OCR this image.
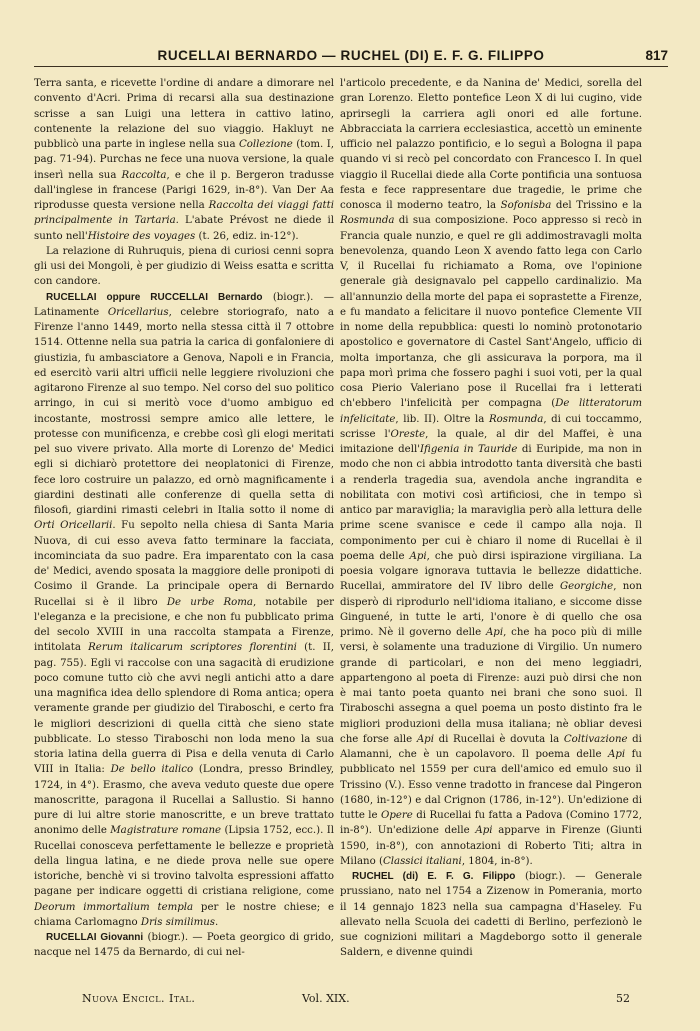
RUCELLAI BERNARDO — RUCHEL (DI) E. F. G. FILIPPO	817

Terra santa, e ricevette l'ordine di andare a dimorare nel convento d'Acri. Prima di recarsi alla sua destinazione scrisse a san Luigi una lettera in cattivo latino, contenente la relazione del suo viaggio. Hakluyt ne pubblicò una parte in inglese nella sua Collezione (tom. I, pag. 71-94). Purchas ne fece una nuova versione, la quale inserì nella sua Raccolta, e che il p. Bergeron tradusse dall'inglese in francese (Parigi 1629, in-8°). Van Der Aa riprodusse questa versione nella Raccolta dei viaggi fatti principalmente in Tartaria. L'abate Prévost ne diede il sunto nell'Histoire des voyages (t. 26, ediz. in-12°).

La relazione di Ruhruquis, piena di curiosi cenni sopra gli usi dei Mongoli, è per giudizio di Weiss esatta e scritta con candore.

RUCELLAI oppure RUCCELLAI Bernardo (biogr.). — Latinamente Oricellarius, celebre storiografo, nato a Firenze l'anno 1449, morto nella stessa città il 7 ottobre 1514. Ottenne nella sua patria la carica di gonfaloniere di giustizia, fu ambasciatore a Genova, Napoli e in Francia, ed esercitò varii altri ufficii nelle leggiere rivoluzioni che agitarono Firenze al suo tempo. Nel corso del suo politico arringo, in cui si meritò voce d'uomo ambiguo ed incostante, mostrossi sempre amico alle lettere, le protesse con munificenza, e crebbe così gli elogi meritati pel suo vivere privato. Alla morte di Lorenzo de' Medici egli si dichiarò protettore dei neoplatonici di Firenze, fece loro costruire un palazzo, ed ornò magnificamente i giardini destinati alle conferenze di quella setta di filosofi, giardini rimasti celebri in Italia sotto il nome di Orti Oricellarii. Fu sepolto nella chiesa di Santa Maria Nuova, di cui esso aveva fatto terminare la facciata, incominciata da suo padre. Era imparentato con la casa de' Medici, avendo sposata la maggiore delle pronipoti di Cosimo il Grande. La principale opera di Bernardo Rucellai si è il libro De urbe Roma, notabile per l'eleganza e la precisione, e che non fu pubblicato prima del secolo XVIII in una raccolta stampata a Firenze, intitolata Rerum italicarum scriptores florentini (t. II, pag. 755). Egli vi raccolse con una sagacità di erudizione poco comune tutto ciò che avvi negli antichi atto a dare una magnifica idea dello splendore di Roma antica; opera veramente grande per giudizio del Tiraboschi, e certo fra le migliori descrizioni di quella città che sieno state pubblicate. Lo stesso Tiraboschi non loda meno la sua storia latina della guerra di Pisa e della venuta di Carlo VIII in Italia: De bello italico (Londra, presso Brindley, 1724, in 4°). Erasmo, che aveva veduto queste due opere manoscritte, paragona il Rucellai a Sallustio. Si hanno pure di lui altre storie manoscritte, e un breve trattato anonimo delle Magistrature romane (Lipsia 1752, ecc.). Il Rucellai conosceva perfettamente le bellezze e proprietà della lingua latina, e ne diede prova nelle sue opere istoriche, benchè vi si trovino talvolta espressioni affatto pagane per indicare oggetti di cristiana religione, come Deorum immortalium templa per le nostre chiese; e chiama Carlomagno Dris similimus.

RUCELLAI Giovanni (biogr.). — Poeta georgico di grido, nacque nel 1475 da Bernardo, di cui nel-

l'articolo precedente, e da Nanina de' Medici, sorella del gran Lorenzo. Eletto pontefice Leon X di lui cugino, vide aprirsegli la carriera agli onori ed alle fortune. Abbracciata la carriera ecclesiastica, accettò un eminente ufficio nel palazzo pontificio, e lo seguì a Bologna il papa quando vi si recò pel concordato con Francesco I. In quel viaggio il Rucellai diede alla Corte pontificia una sontuosa festa e fece rappresentare due tragedie, le prime che conosca il moderno teatro, la Sofonisba del Trissino e la Rosmunda di sua composizione. Poco appresso si recò in Francia quale nunzio, e quel re gli addimostravagli molta benevolenza, quando Leon X avendo fatto lega con Carlo V, il Rucellai fu richiamato a Roma, ove l'opinione generale già designavalo pel cappello cardinalizio. Ma all'annunzio della morte del papa ei soprastette a Firenze, e fu mandato a felicitare il nuovo pontefice Clemente VII in nome della repubblica: questi lo nominò protonotario apostolico e governatore di Castel Sant'Angelo, ufficio di molta importanza, che gli assicurava la porpora, ma il papa morì prima che fossero paghi i suoi voti, per la qual cosa Pierio Valeriano pose il Rucellai fra i letterati ch'ebbero l'infelicità per compagna (De litteratorum infelicitate, lib. II). Oltre la Rosmunda, di cui toccammo, scrisse l'Oreste, la quale, al dir del Maffei, è una imitazione dell'Ifigenia in Tauride di Euripide, ma non in modo che non ci abbia introdotto tanta diversità che basti a renderla tragedia sua, avendola anche ingrandita e nobilitata con motivi così artificiosi, che in tempo sì antico par maraviglia; la maraviglia però alla lettura delle prime scene svanisce e cede il campo alla noja. Il componimento per cui è chiaro il nome di Rucellai è il poema delle Api, che può dirsi ispirazione virgiliana. La poesia volgare ignorava tuttavia le bellezze didattiche. Rucellai, ammiratore del IV libro delle Georgiche, non disperò di riprodurlo nell'idioma italiano, e siccome disse Ginguené, in tutte le arti, l'onore è di quello che osa primo. Nè il governo delle Api, che ha poco più di mille versi, è solamente una traduzione di Virgilio. Un numero grande di particolari, e non dei meno leggiadri, appartengono al poeta di Firenze: auzi può dirsi che non è mai tanto poeta quanto nei brani che sono suoi. Il Tiraboschi assegna a quel poema un posto distinto fra le migliori produzioni della musa italiana; nè obliar devesi che forse alle Api di Rucellai è dovuta la Coltivazione di Alamanni, che è un capolavoro. Il poema delle Api fu pubblicato nel 1559 per cura dell'amico ed emulo suo il Trissino (V.). Esso venne tradotto in francese dal Pingeron (1680, in-12°) e dal Crignon (1786, in-12°). Un'edizione di tutte le Opere di Rucellai fu fatta a Padova (Comino 1772, in-8°). Un'edizione delle Api apparve in Firenze (Giunti 1590, in-8°), con annotazioni di Roberto Titi; altra in Milano (Classici italiani, 1804, in-8°).

RUCHEL (di) E. F. G. Filippo (biogr.). — Generale prussiano, nato nel 1754 a Zizenow in Pomerania, morto il 14 gennajo 1823 nella sua campagna d'Haseley. Fu allevato nella Scuola dei cadetti di Berlino, perfezionò le sue cognizioni militari a Magdeborgo sotto il generale Saldern, e divenne quindi

Nuova Encicl. Ital.	Vol. XIX.	52
